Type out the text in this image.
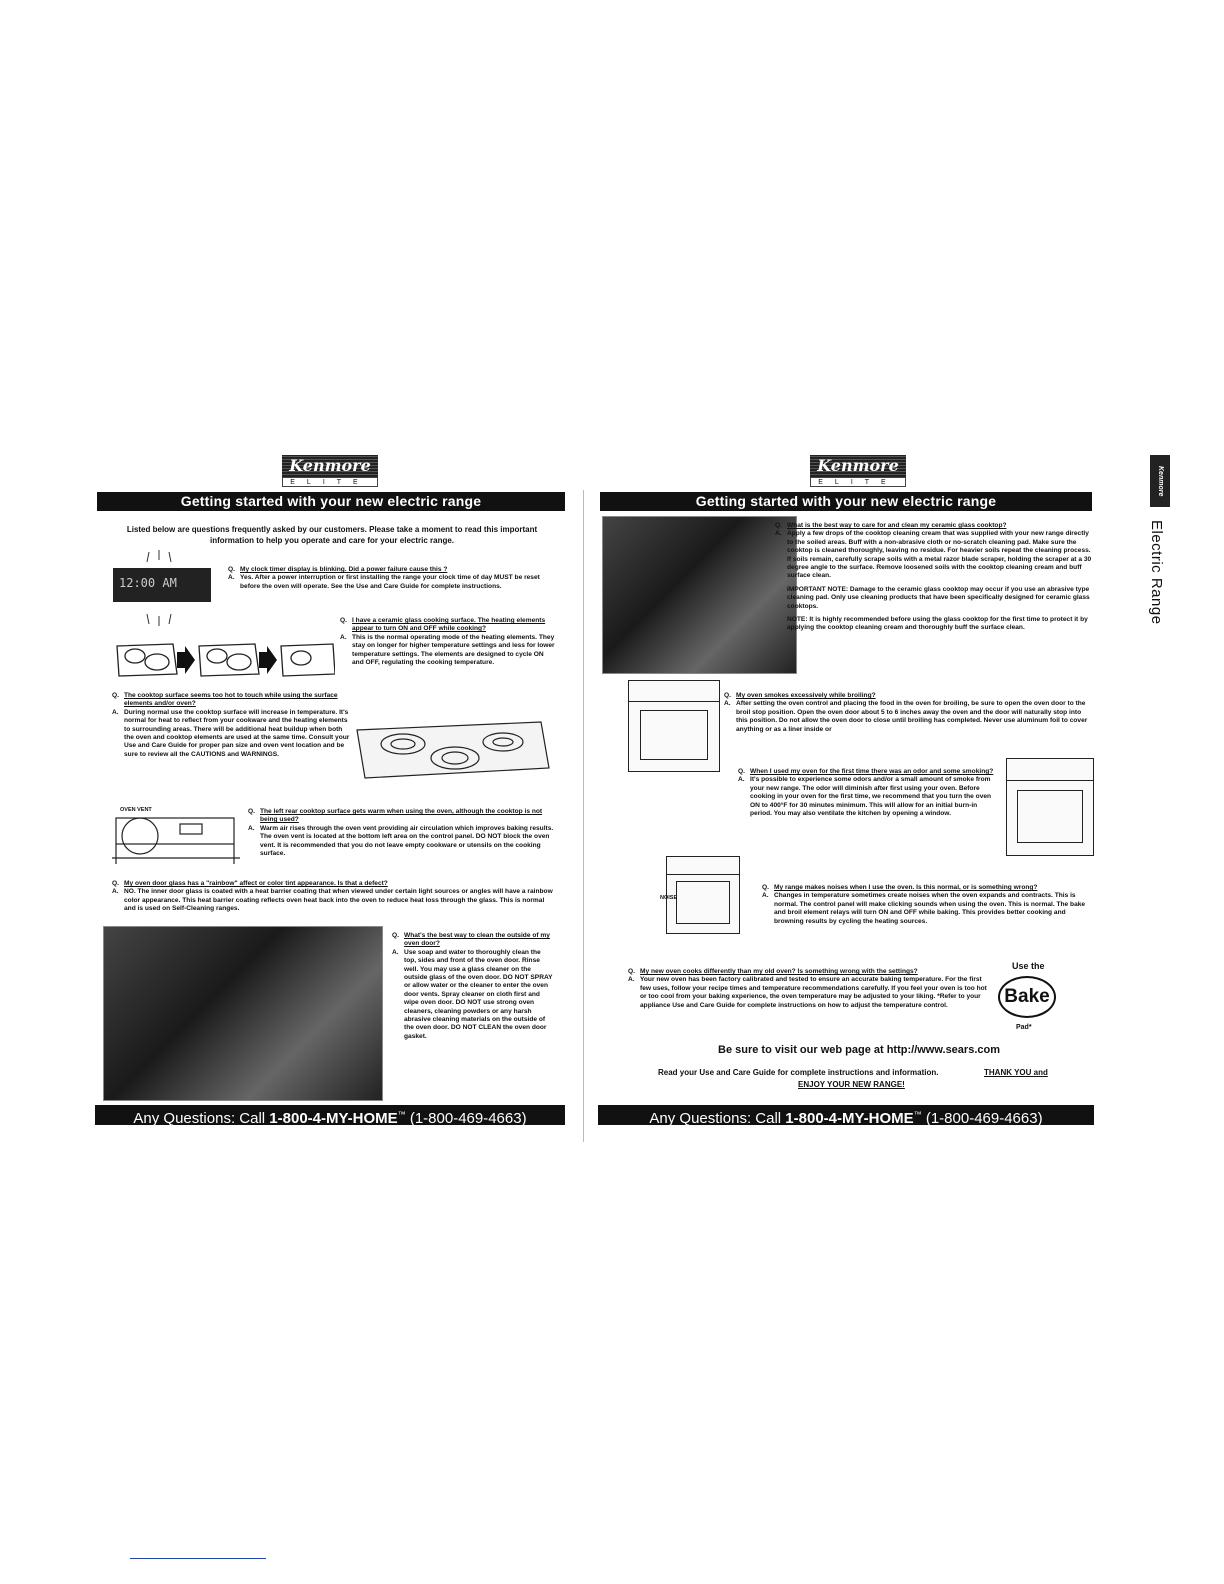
Kenmore
ELITE
Getting started with your new electric range
Listed below are questions frequently asked by our customers. Please take a moment to read this important information to help you operate and care for your electric range.
12:00 AM
Q. My clock timer display is blinking. Did a power failure cause this ?
A. Yes. After a power interruption or first installing the range your clock time of day MUST be reset before the oven will operate. See the Use and Care Guide for complete instructions.
Q. I have a ceramic glass cooking surface. The heating elements appear to turn ON and OFF while cooking?
A. This is the normal operating mode of the heating elements. They stay on longer for higher temperature settings and less for lower temperature settings. The elements are designed to cycle ON and OFF, regulating the cooking temperature.
Q. The cooktop surface seems too hot to touch while using the surface elements and/or oven?
A. During normal use the cooktop surface will increase in temperature. It's normal for heat to reflect from your cookware and the heating elements to surrounding areas. There will be additional heat buildup when both the oven and cooktop elements are used at the same time. Consult your Use and Care Guide for proper pan size and oven vent location and be sure to review all the CAUTIONS and WARNINGS.
OVEN VENT	Q. The left rear cooktop surface gets warm when using the oven, although the cooktop is not being used?
A. Warm air rises through the oven vent providing air circulation which improves baking results. The oven vent is located at the bottom left area on the control panel. DO NOT block the oven vent. It is recommended that you do not leave empty cookware or utensils on the cooking surface.
Q. My oven door glass has a "rainbow" affect or color tint appearance. Is that a defect?
A. NO. The inner door glass is coated with a heat barrier coating that when viewed under certain light sources or angles will have a rainbow color appearance. This heat barrier coating reflects oven heat back into the oven to reduce heat loss through the glass. This is normal and is used on Self-Cleaning ranges.
Q. What's the best way to clean the outside of my oven door?
A. Use soap and water to thoroughly clean the top, sides and front of the oven door. Rinse well. You may use a glass cleaner on the outside glass of the oven door. DO NOT SPRAY or allow water or the cleaner to enter the oven door vents. Spray cleaner on cloth first and wipe oven door. DO NOT use strong oven cleaners, cleaning powders or any harsh abrasive cleaning materials on the outside of the oven door. DO NOT CLEAN the oven door gasket.
Any Questions: Call 1-800-4-MY-HOME™ (1-800-469-4663)
Kenmore
ELITE
Getting started with your new electric range
Q. What is the best way to care for and clean my ceramic glass cooktop?
A. Apply a few drops of the cooktop cleaning cream that was supplied with your new range directly to the soiled areas. Buff with a non-abrasive cloth or no-scratch cleaning pad. Make sure the cooktop is cleaned thoroughly, leaving no residue. For heavier soils repeat the cleaning process. If soils remain, carefully scrape soils with a metal razor blade scraper, holding the scraper at a 30 degree angle to the surface. Remove loosened soils with the cooktop cleaning cream and buff surface clean.
IMPORTANT NOTE: Damage to the ceramic glass cooktop may occur if you use an abrasive type cleaning pad. Only use cleaning products that have been specifically designed for ceramic glass cooktops.
NOTE: It is highly recommended before using the glass cooktop for the first time to protect it by applying the cooktop cleaning cream and thoroughly buff the surface clean.
Q. My oven smokes excessively while broiling?
A. After setting the oven control and placing the food in the oven for broiling, be sure to open the oven door to the broil stop position. Open the oven door about 5 to 6 inches away the oven and the door will naturally stop into this position. Do not allow the oven door to close until broiling has completed. Never use aluminum foil to cover anything or as a liner inside or
Q. When I used my oven for the first time there was an odor and some smoking?
A. It's possible to experience some odors and/or a small amount of smoke from your new range. The odor will diminish after first using your oven. Before cooking in your oven for the first time, we recommend that you turn the oven ON to 400°F for 30 minutes minimum. This will allow for an initial burn-in period. You may also ventilate the kitchen by opening a window.
NOISE
Q. My range makes noises when I use the oven. Is this normal, or is something wrong?
A. Changes in temperature sometimes create noises when the oven expands and contracts. This is normal. The control panel will make clicking sounds when using the oven. This is normal. The bake and broil element relays will turn ON and OFF while baking. This provides better cooking and browning results by cycling the heating sources.
Q. My new oven cooks differently than my old oven? Is something wrong with the settings?
A. Your new oven has been factory calibrated and tested to ensure an accurate baking temperature. For the first few uses, follow your recipe times and temperature recommendations carefully. If you feel your oven is too hot or too cool from your baking experience, the oven temperature may be adjusted to your liking. *Refer to your appliance Use and Care Guide for complete instructions on how to adjust the temperature control.
Use the
Bake
Pad*
Be sure to visit our web page at http://www.sears.com
Read your Use and Care Guide for complete instructions and information.	THANK YOU and
ENJOY YOUR NEW RANGE!
Any Questions: Call 1-800-4-MY-HOME™ (1-800-469-4663)
Kenmore
Electric Range
